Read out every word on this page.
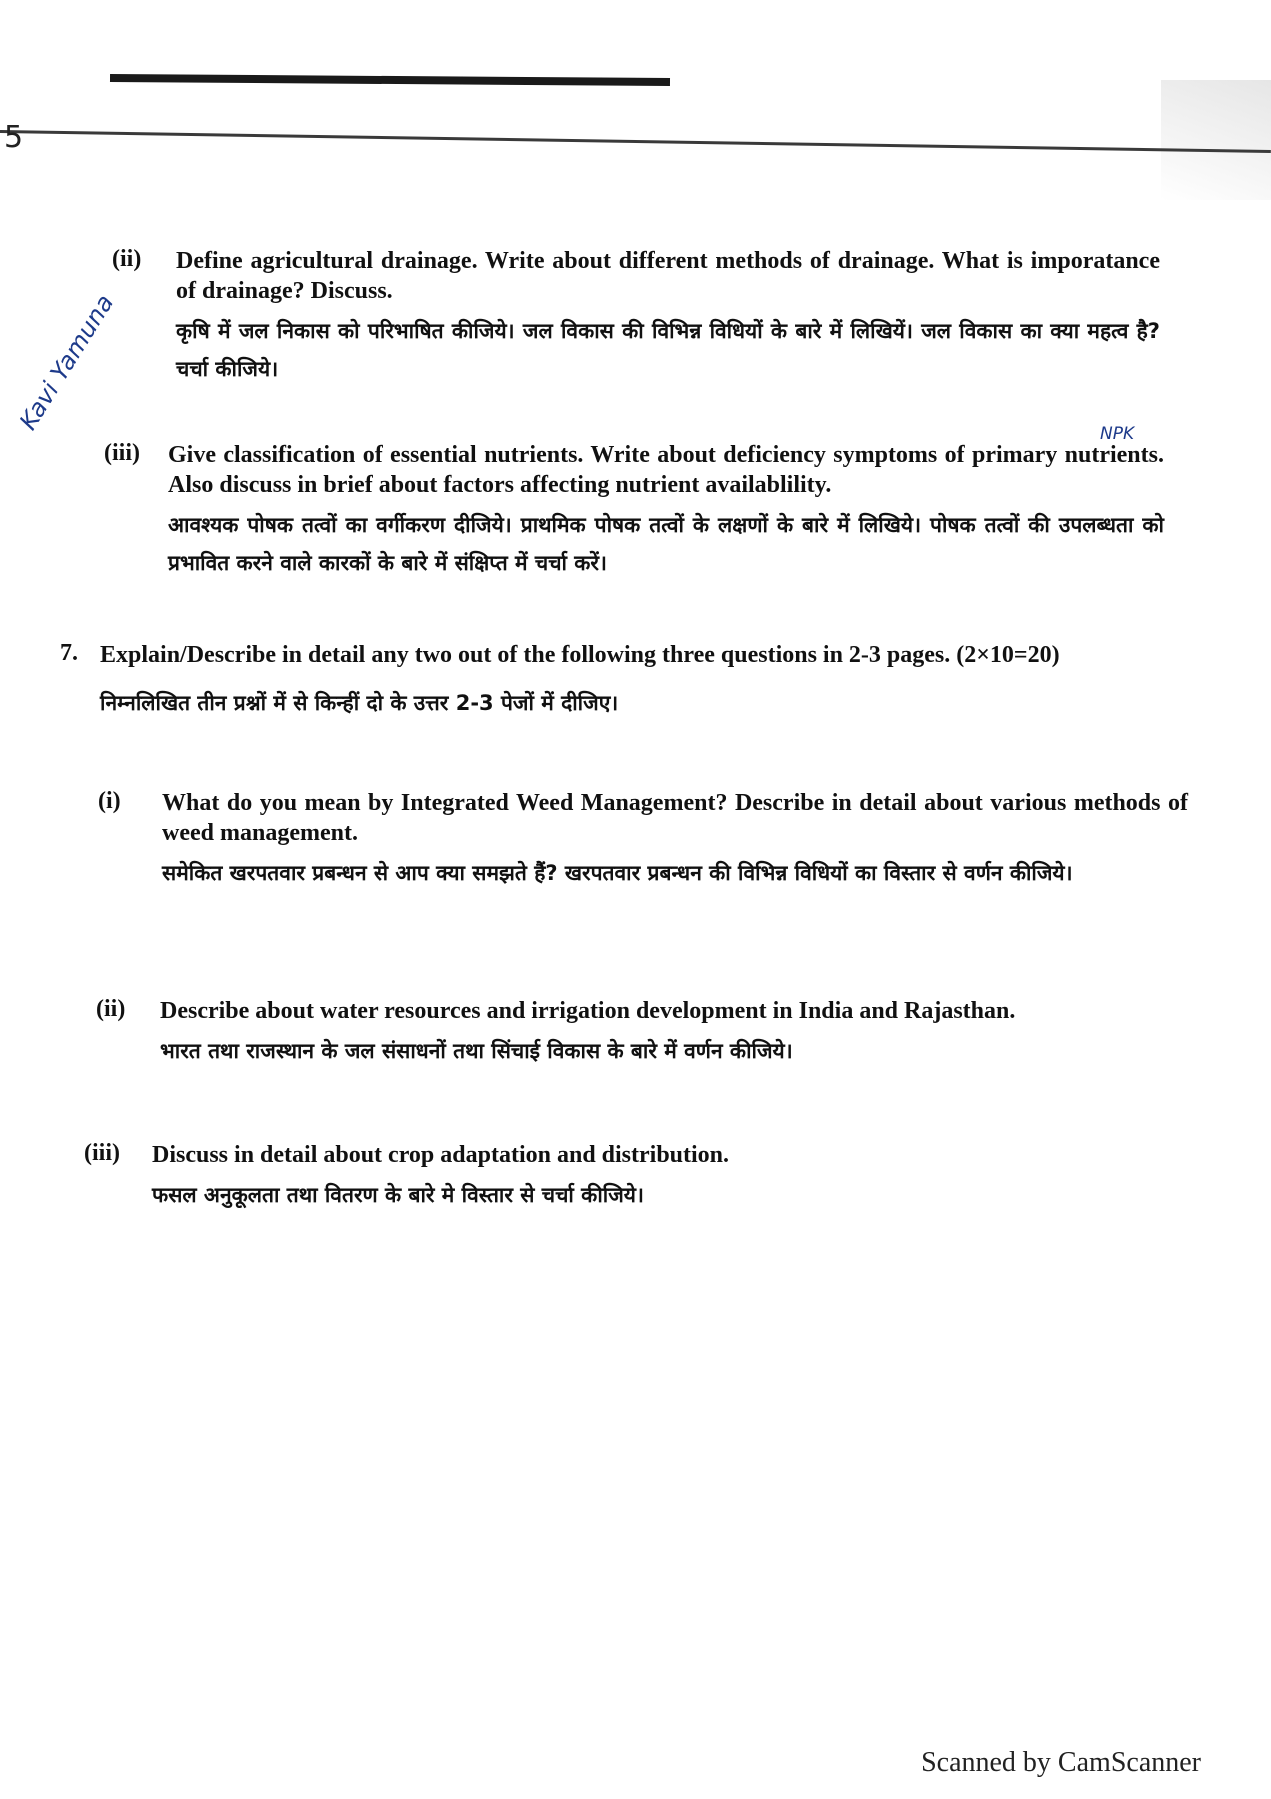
5
(ii) Define agricultural drainage. Write about different methods of drainage. What is imporatance of drainage? Discuss.

कृषि में जल निकास को परिभाषित कीजिये। जल विकास की विभिन्न विधियों के बारे में लिखियें। जल विकास का क्या महत्व है? चर्चा कीजिये।

(iii) Give classification of essential nutrients. Write about deficiency symptoms of primary nutrients. Also discuss in brief about factors affecting nutrient availablility.

आवश्यक पोषक तत्वों का वर्गीकरण दीजिये। प्राथमिक पोषक तत्वों के लक्षणों के बारे में लिखिये। पोषक तत्वों की उपलब्धता को प्रभावित करने वाले कारकों के बारे में संक्षिप्त में चर्चा करें।

Kavi Yamuna	NPK
7. Explain/Describe in detail any two out of the following three questions in 2-3 pages. (2×10=20)

निम्नलिखित तीन प्रश्नों में से किन्हीं दो के उत्तर 2-3 पेजों में दीजिए।

(i) What do you mean by Integrated Weed Management? Describe in detail about various methods of weed management.

समेकित खरपतवार प्रबन्धन से आप क्या समझते हैं? खरपतवार प्रबन्धन की विभिन्न विधियों का विस्तार से वर्णन कीजिये।

(ii) Describe about water resources and irrigation development in India and Rajasthan.

भारत तथा राजस्थान के जल संसाधनों तथा सिंचाई विकास के बारे में वर्णन कीजिये।

(iii) Discuss in detail about crop adaptation and distribution.

फसल अनुकूलता तथा वितरण के बारे मे विस्तार से चर्चा कीजिये।

Scanned by CamScanner
